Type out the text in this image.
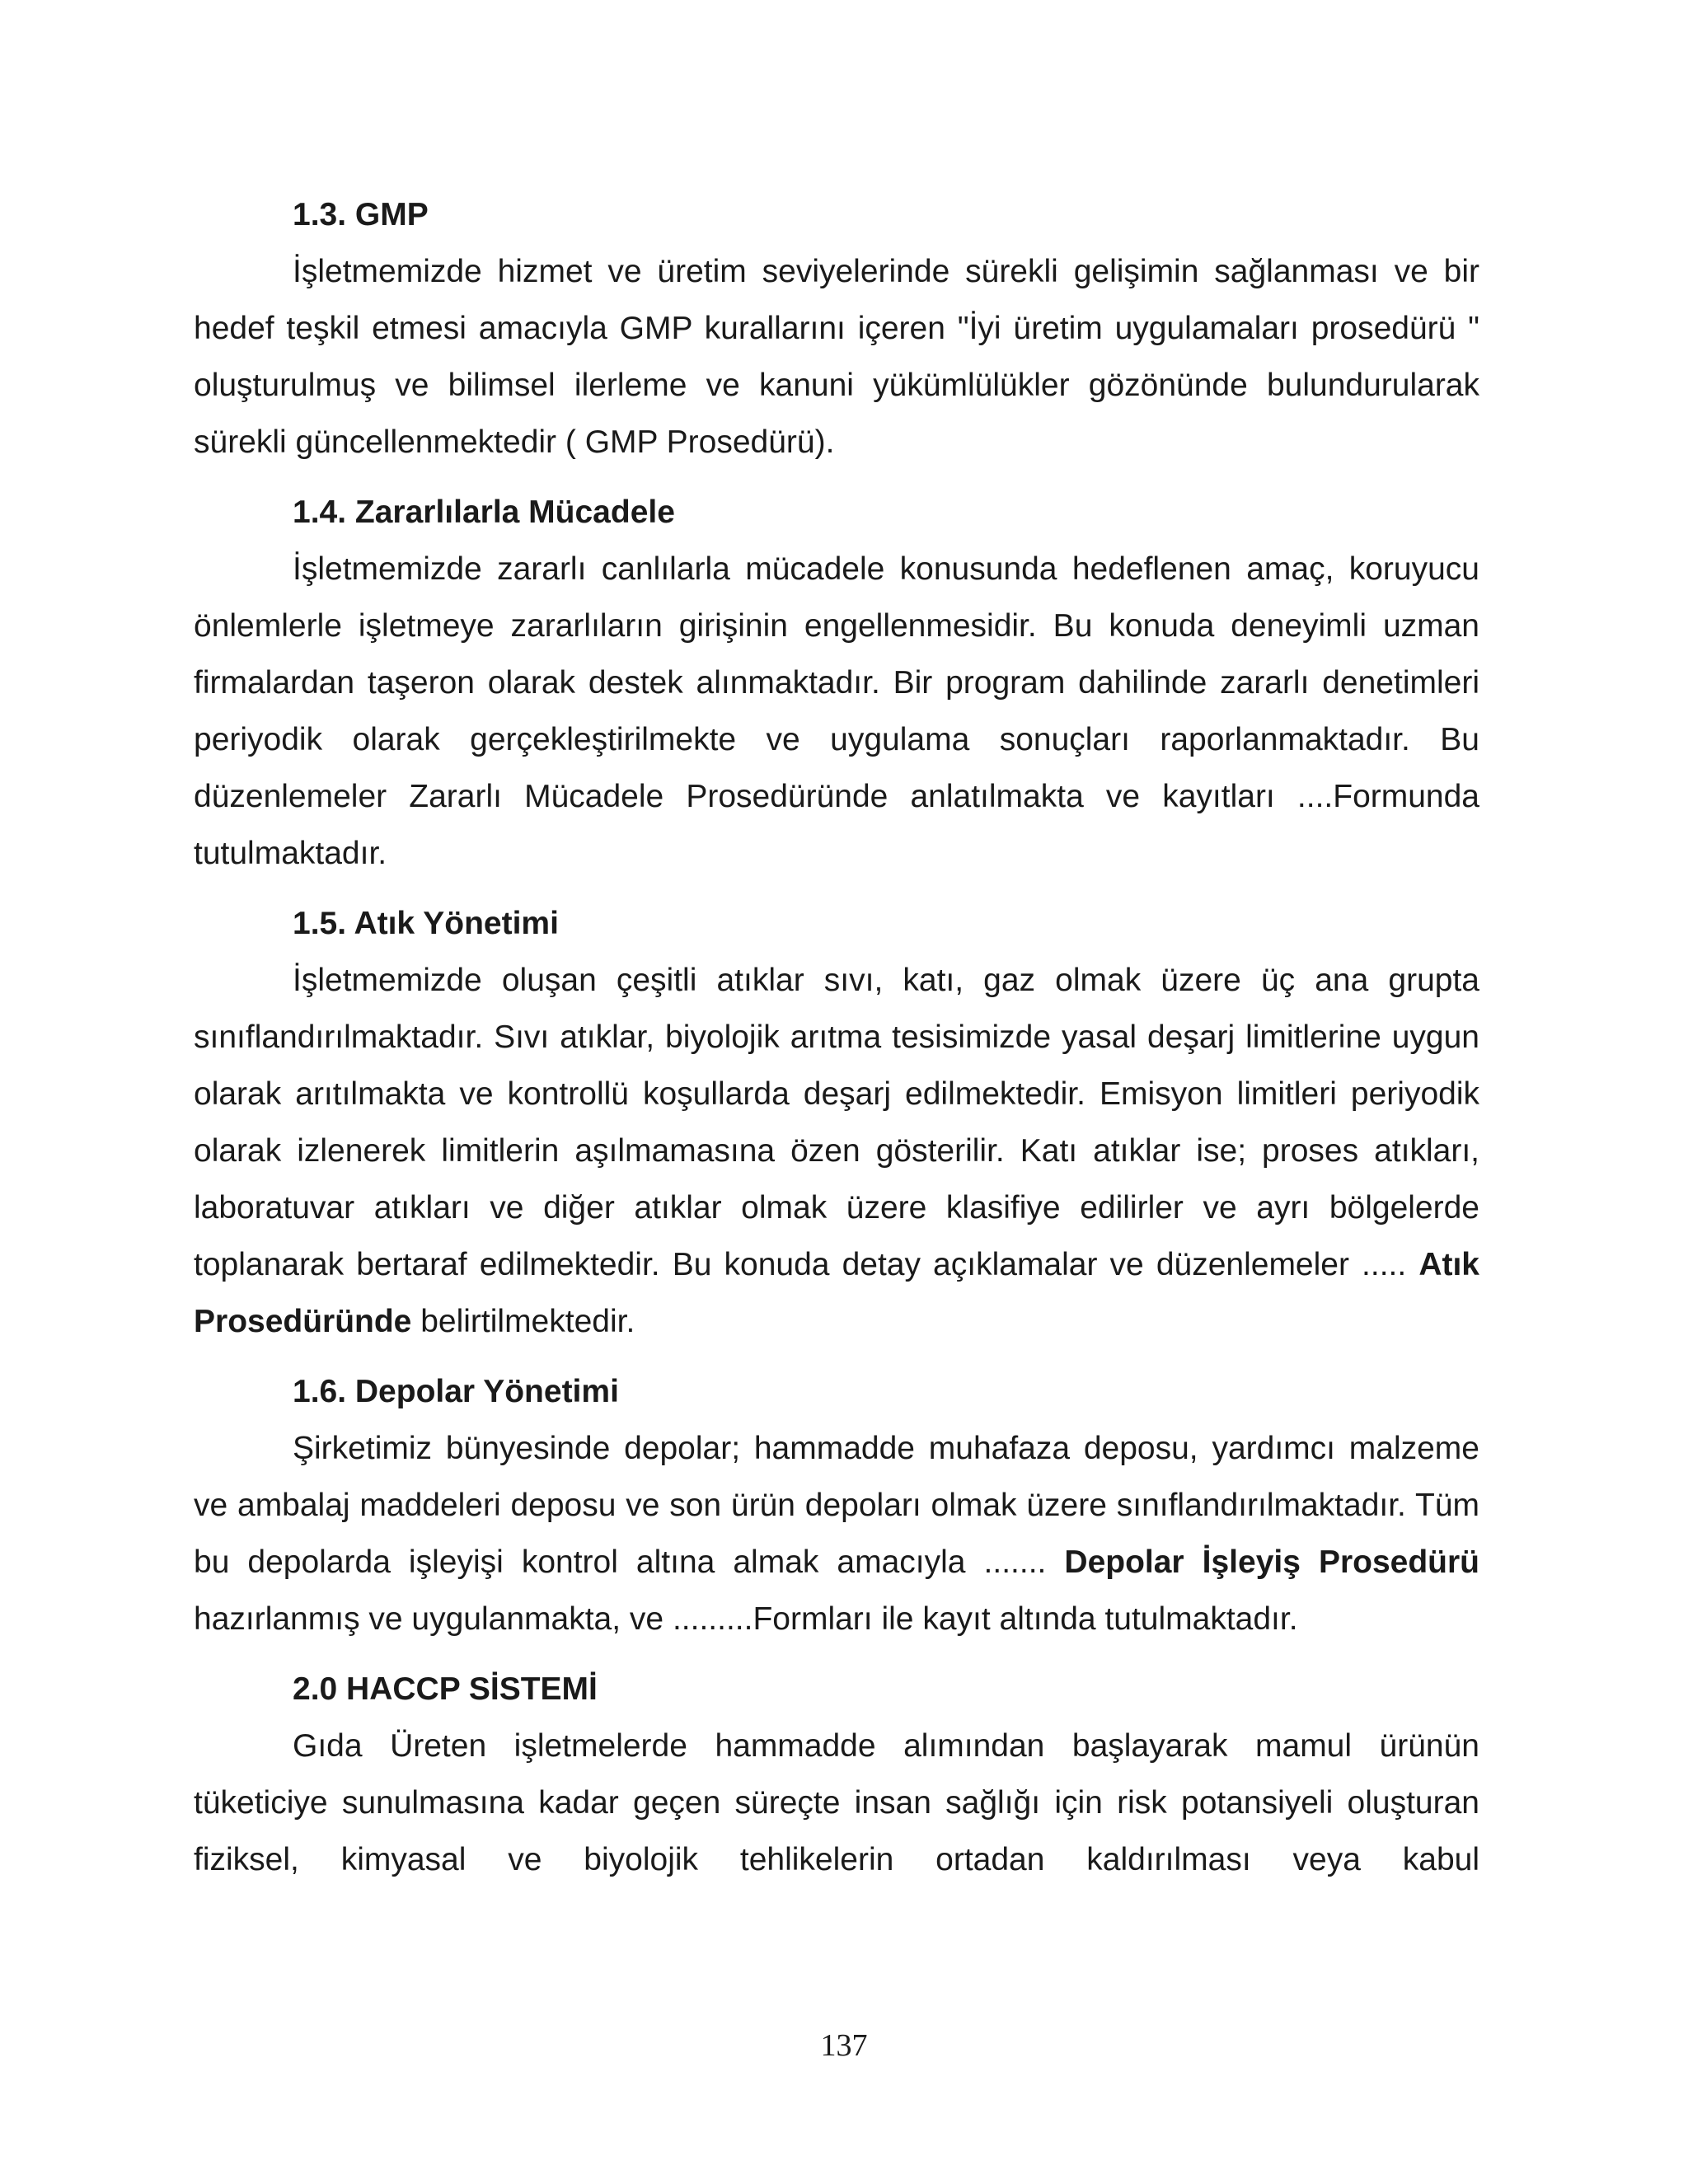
1.3. GMP

İşletmemizde hizmet ve üretim seviyelerinde sürekli gelişimin sağlanması ve bir hedef teşkil etmesi amacıyla GMP kurallarını içeren "İyi üretim uygulamaları prosedürü " oluşturulmuş ve bilimsel ilerleme ve kanuni yükümlülükler gözönünde bulundurularak sürekli güncellenmektedir ( GMP Prosedürü).

1.4. Zararlılarla Mücadele

İşletmemizde zararlı canlılarla mücadele konusunda hedeflenen amaç, koruyucu önlemlerle işletmeye zararlıların girişinin engellenmesidir. Bu konuda deneyimli uzman firmalardan taşeron olarak destek alınmaktadır. Bir program dahilinde zararlı denetimleri periyodik olarak gerçekleştirilmekte ve uygulama sonuçları raporlanmaktadır. Bu düzenlemeler Zararlı Mücadele Prosedüründe anlatılmakta ve kayıtları ....Formunda tutulmaktadır.

1.5. Atık Yönetimi

İşletmemizde oluşan çeşitli atıklar sıvı, katı, gaz olmak üzere üç ana grupta sınıflandırılmaktadır. Sıvı atıklar, biyolojik arıtma tesisimizde yasal deşarj limitlerine uygun olarak arıtılmakta ve kontrollü koşullarda deşarj edilmektedir. Emisyon limitleri periyodik olarak izlenerek limitlerin aşılmamasına özen gösterilir. Katı atıklar ise; proses atıkları, laboratuvar atıkları ve diğer atıklar olmak üzere klasifiye edilirler ve ayrı bölgelerde toplanarak bertaraf edilmektedir. Bu konuda detay açıklamalar ve düzenlemeler ..... Atık Prosedüründe belirtilmektedir.

1.6. Depolar Yönetimi

Şirketimiz bünyesinde depolar; hammadde muhafaza deposu, yardımcı malzeme ve ambalaj maddeleri deposu ve son ürün depoları olmak üzere sınıflandırılmaktadır. Tüm bu depolarda işleyişi kontrol altına almak amacıyla ....... Depolar İşleyiş Prosedürü hazırlanmış ve uygulanmakta, ve .........Formları ile kayıt altında tutulmaktadır.

2.0 HACCP SİSTEMİ

Gıda Üreten işletmelerde hammadde alımından başlayarak mamul ürünün tüketiciye sunulmasına kadar geçen süreçte insan sağlığı için risk potansiyeli oluşturan fiziksel, kimyasal ve biyolojik tehlikelerin ortadan kaldırılması veya kabul

137
